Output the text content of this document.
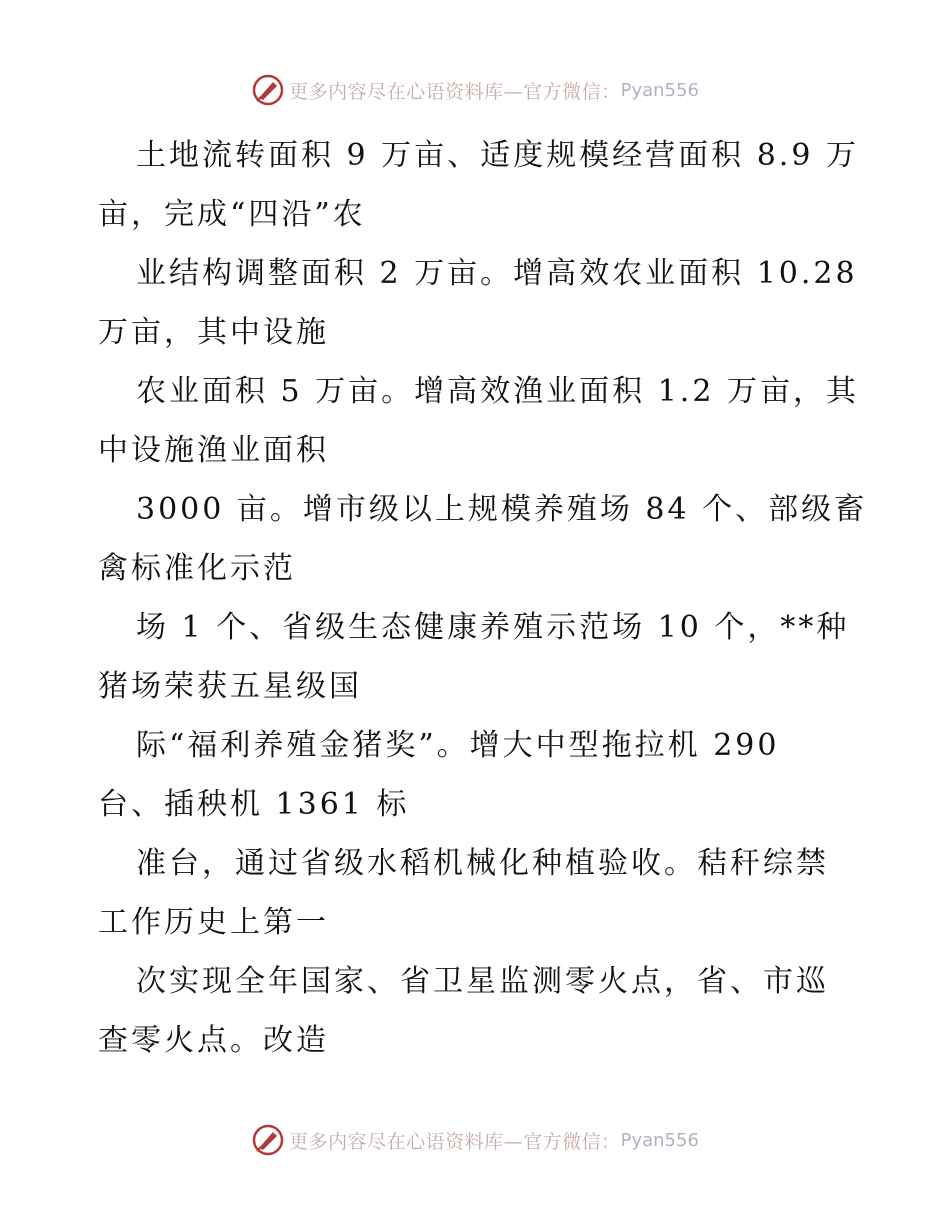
更多内容尽在心语资料库—官方微信： Pyan556
土地流转面积 9 万亩、适度规模经营面积 8.9 万
亩，完成“四沿”农
业结构调整面积 2 万亩。增高效农业面积 10.28
万亩，其中设施
农业面积 5 万亩。增高效渔业面积 1.2 万亩，其
中设施渔业面积
3000 亩。增市级以上规模养殖场 84 个、部级畜
禽标准化示范
场 1 个、省级生态健康养殖示范场 10 个，**种
猪场荣获五星级国
际“福利养殖金猪奖”。增大中型拖拉机 290
台、插秧机 1361 标
准台，通过省级水稻机械化种植验收。秸秆综禁
工作历史上第一
次实现全年国家、省卫星监测零火点，省、市巡
查零火点。改造
更多内容尽在心语资料库—官方微信： Pyan556
